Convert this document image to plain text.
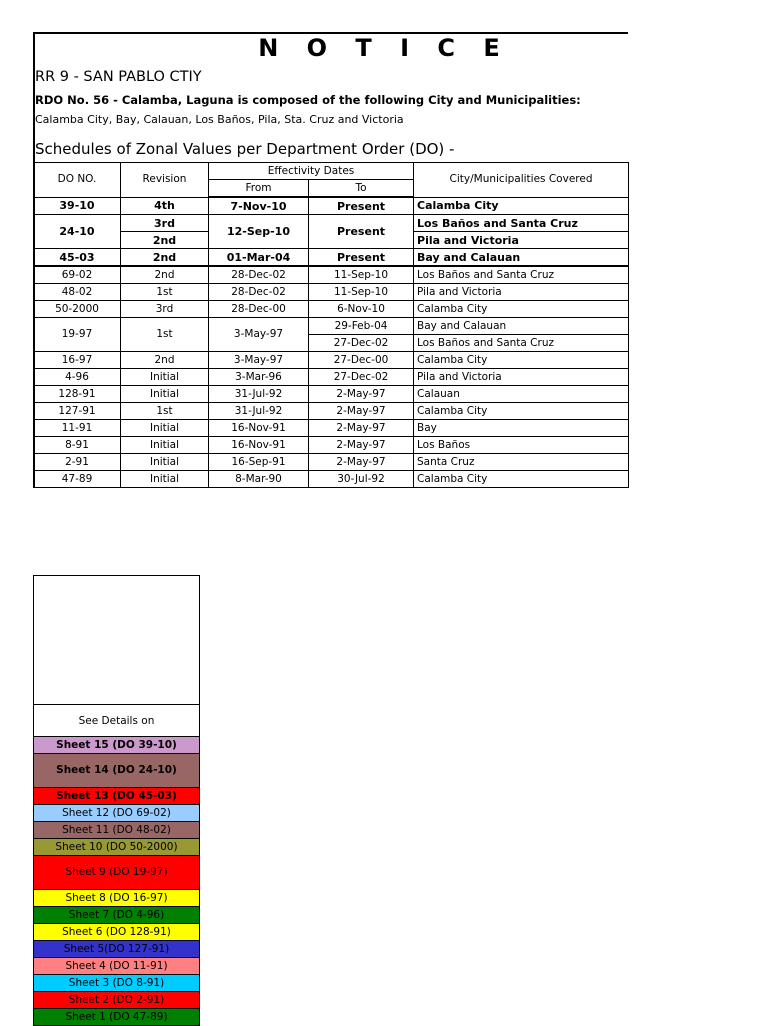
N O T I C E
RR 9 - SAN PABLO CTIY
RDO No. 56 - Calamba, Laguna is composed of the following City and Municipalities:
Calamba City, Bay, Calauan, Los Baños, Pila, Sta. Cruz and Victoria
Schedules of Zonal Values per Department Order (DO) -
DO NO.	Revision	Effectivity Dates		City/Municipalities Covered
		From	To	
39-10	4th	7-Nov-10	Present	Calamba City
24-10	3rd	12-Sep-10	Present	Los Baños and Santa Cruz
	2nd			Pila and Victoria
45-03	2nd	01-Mar-04	Present	Bay and Calauan
69-02	2nd	28-Dec-02	11-Sep-10	Los Baños and Santa Cruz
48-02	1st	28-Dec-02	11-Sep-10	Pila and Victoria
50-2000	3rd	28-Dec-00	6-Nov-10	Calamba City
19-97	1st	3-May-97	29-Feb-04	Bay and Calauan
			27-Dec-02	Los Baños and Santa Cruz
16-97	2nd	3-May-97	27-Dec-00	Calamba City
4-96	Initial	3-Mar-96	27-Dec-02	Pila and Victoria
128-91	Initial	31-Jul-92	2-May-97	Calauan
127-91	1st	31-Jul-92	2-May-97	Calamba City
11-91	Initial	16-Nov-91	2-May-97	Bay
8-91	Initial	16-Nov-91	2-May-97	Los Baños
2-91	Initial	16-Sep-91	2-May-97	Santa Cruz
47-89	Initial	8-Mar-90	30-Jul-92	Calamba City
See Details on
Sheet 15 (DO 39-10)
Sheet 14 (DO 24-10)
Sheet 13 (DO 45-03)
Sheet 12 (DO 69-02)
Sheet 11 (DO 48-02)
Sheet 10 (DO 50-2000)
Sheet 9 (DO 19-97)
Sheet 8 (DO 16-97)
Sheet 7 (DO 4-96)
Sheet 6 (DO 128-91)
Sheet 5(DO 127-91)
Sheet 4 (DO 11-91)
Sheet 3 (DO 8-91)
Sheet 2 (DO 2-91)
Sheet 1 (DO 47-89)
